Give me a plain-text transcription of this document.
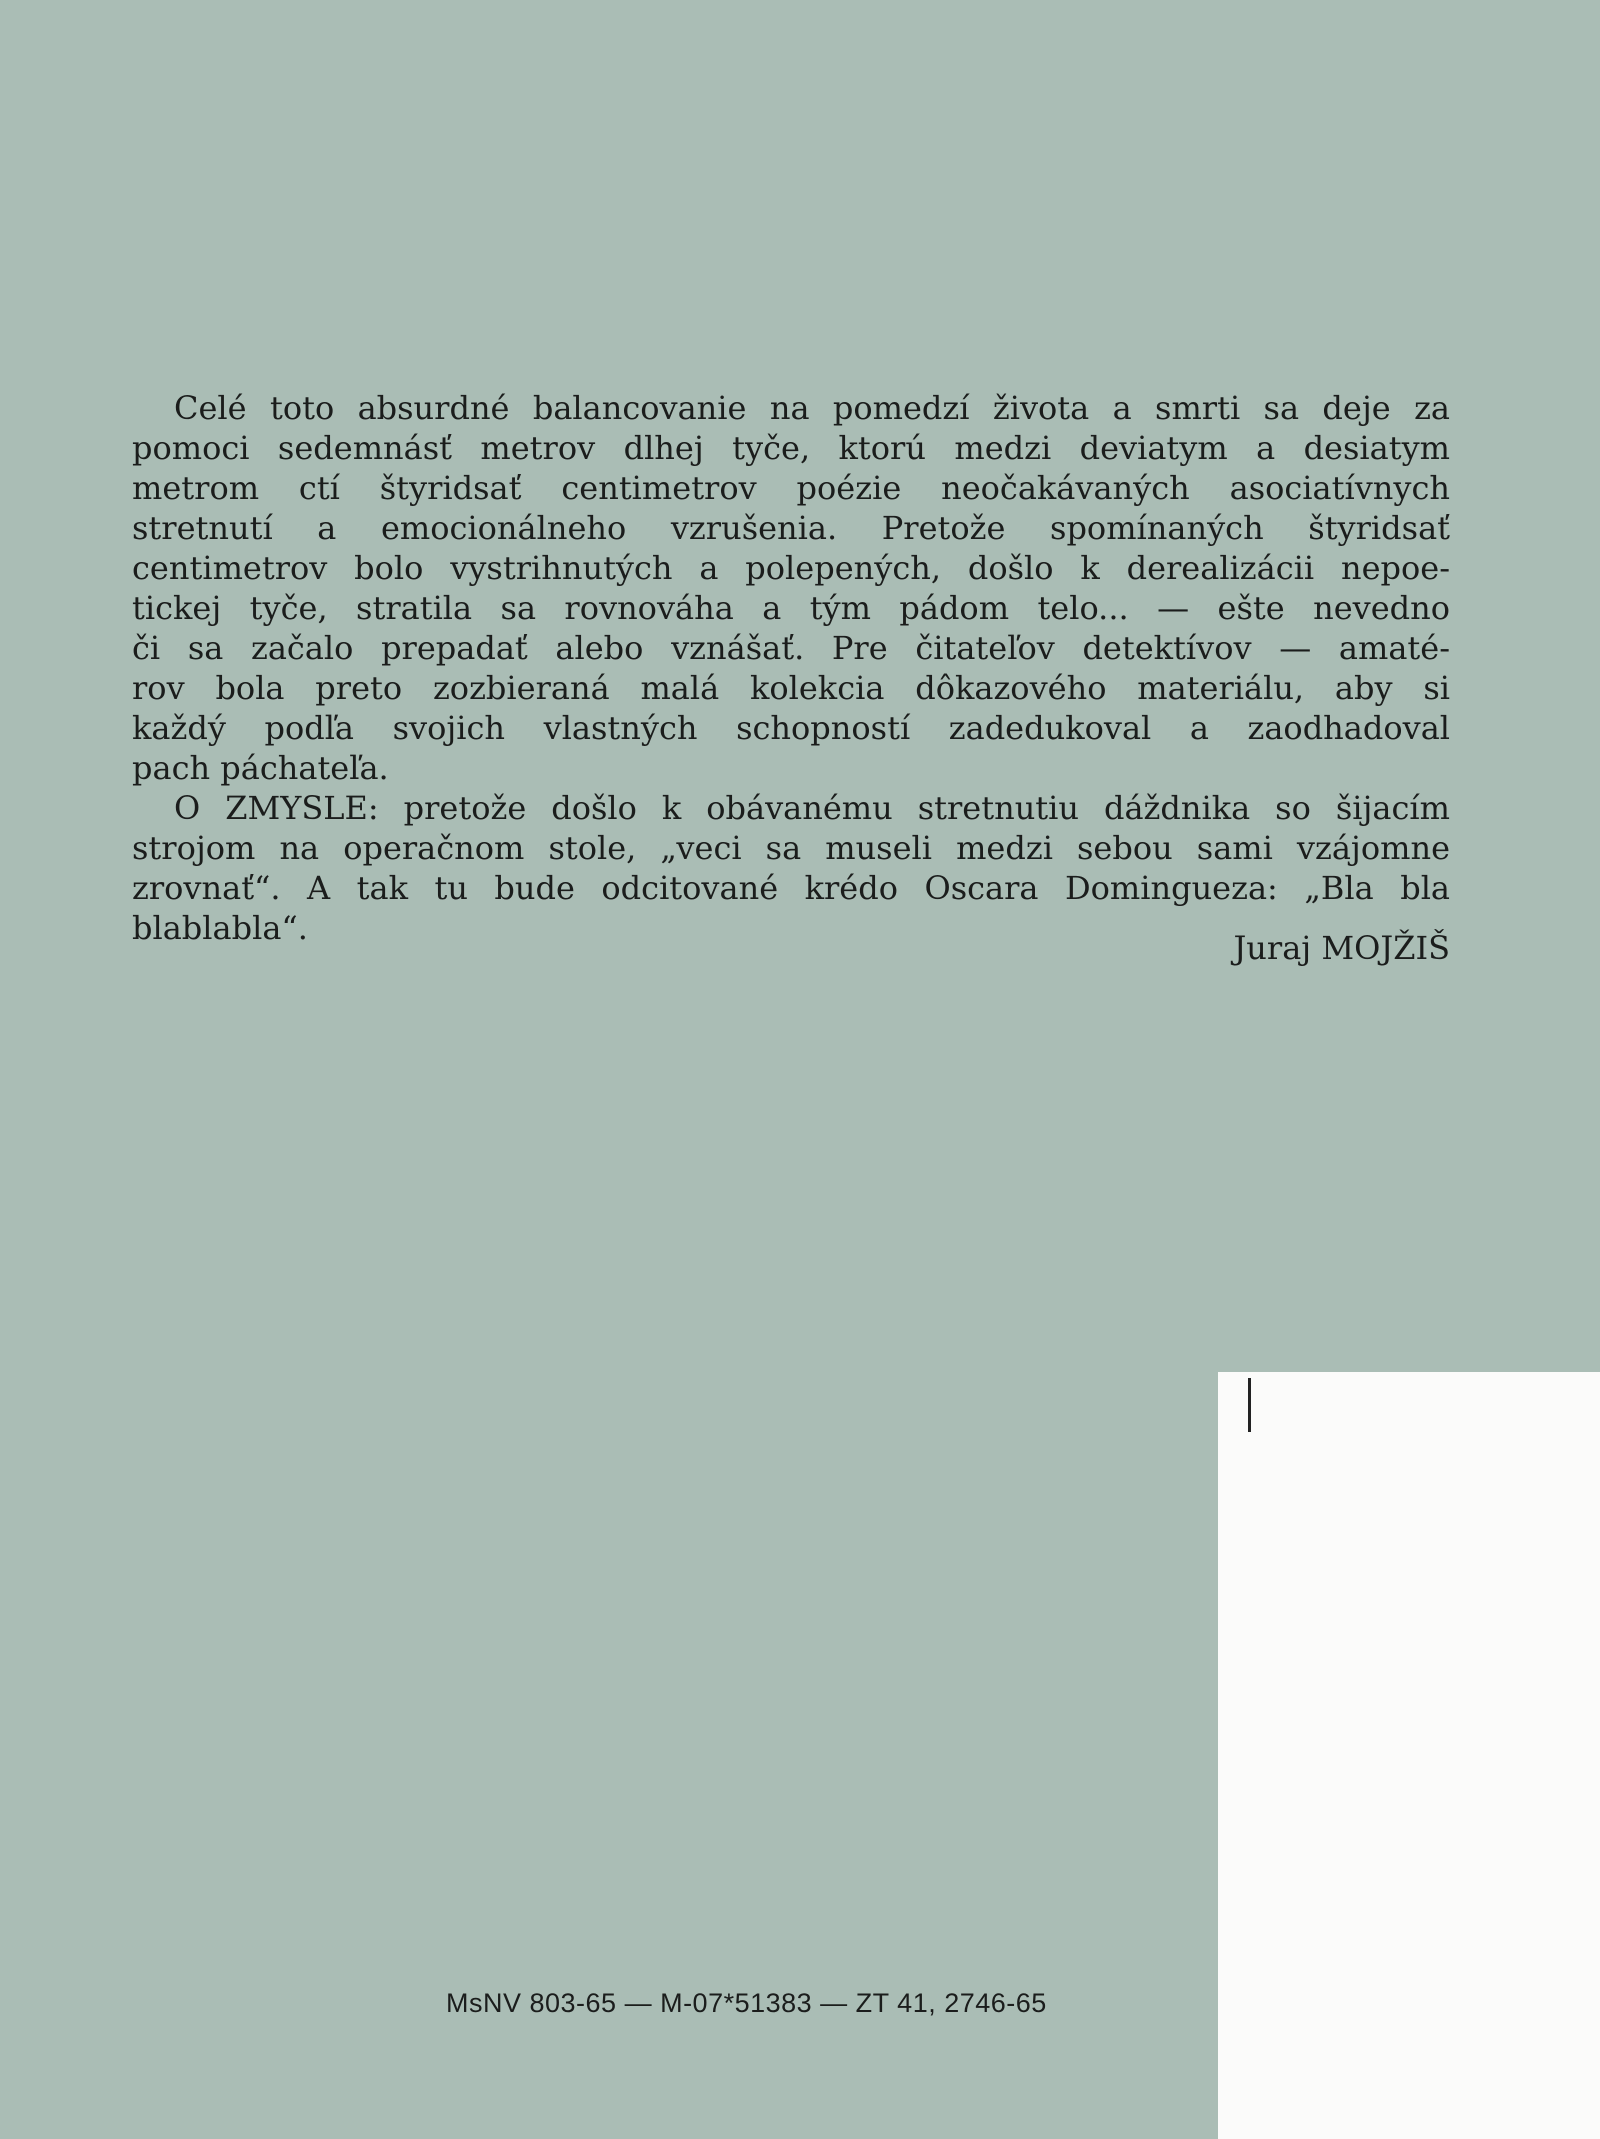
Celé toto absurdné balancovanie na pomedzí života a smrti sa deje za
pomoci sedemnásť metrov dlhej tyče, ktorú medzi deviatym a desiatym
metrom ctí štyridsať centimetrov poézie neočakávaných asociatívnych
stretnutí a emocionálneho vzrušenia. Pretože spomínaných štyridsať
centimetrov bolo vystrihnutých a polepených, došlo k derealizácii nepoe-
tickej tyče, stratila sa rovnováha a tým pádom telo... — ešte nevedno
či sa začalo prepadať alebo vznášať. Pre čitateľov detektívov — amaté-
rov bola preto zozbieraná malá kolekcia dôkazového materiálu, aby si
každý podľa svojich vlastných schopností zadedukoval a zaodhadoval
pach páchateľa.
O ZMYSLE: pretože došlo k obávanému stretnutiu dáždnika so šijacím
strojom na operačnom stole, „veci sa museli medzi sebou sami vzájomne
zrovnať“. A tak tu bude odcitované krédo Oscara Domingueza: „Bla bla
blablabla“.
Juraj MOJŽIŠ
MsNV 803-65 — M-07*51383 — ZT 41, 2746-65
